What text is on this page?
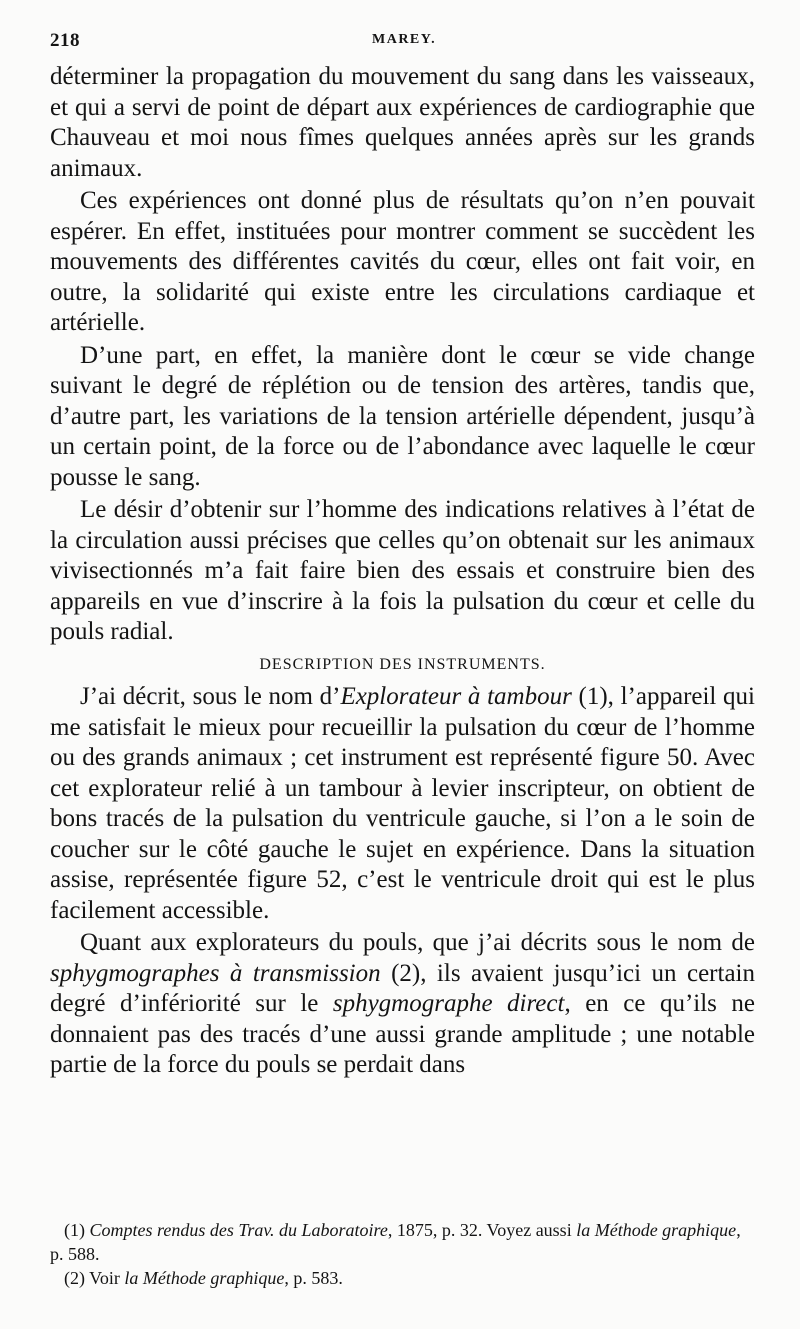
218	MAREY.

déterminer la propagation du mouvement du sang dans les vaisseaux, et qui a servi de point de départ aux expériences de cardiographie que Chauveau et moi nous fîmes quelques années après sur les grands animaux.

Ces expériences ont donné plus de résultats qu’on n’en pouvait espérer. En effet, instituées pour montrer comment se succèdent les mouvements des différentes cavités du cœur, elles ont fait voir, en outre, la solidarité qui existe entre les circulations cardiaque et artérielle.

D’une part, en effet, la manière dont le cœur se vide change suivant le degré de réplétion ou de tension des artères, tandis que, d’autre part, les variations de la tension artérielle dépendent, jusqu’à un certain point, de la force ou de l’abondance avec laquelle le cœur pousse le sang.

Le désir d’obtenir sur l’homme des indications relatives à l’état de la circulation aussi précises que celles qu’on obtenait sur les animaux vivisectionnés m’a fait faire bien des essais et construire bien des appareils en vue d’inscrire à la fois la pulsation du cœur et celle du pouls radial.

DESCRIPTION DES INSTRUMENTS.

J’ai décrit, sous le nom d’Explorateur à tambour (1), l’appareil qui me satisfait le mieux pour recueillir la pulsation du cœur de l’homme ou des grands animaux ; cet instrument est représenté figure 50. Avec cet explorateur relié à un tambour à levier inscripteur, on obtient de bons tracés de la pulsation du ventricule gauche, si l’on a le soin de coucher sur le côté gauche le sujet en expérience. Dans la situation assise, représentée figure 52, c’est le ventricule droit qui est le plus facilement accessible.

Quant aux explorateurs du pouls, que j’ai décrits sous le nom de sphygmographes à transmission (2), ils avaient jusqu’ici un certain degré d’infériorité sur le sphygmographe direct, en ce qu’ils ne donnaient pas des tracés d’une aussi grande amplitude ; une notable partie de la force du pouls se perdait dans

(1) Comptes rendus des Trav. du Laboratoire, 1875, p. 32. Voyez aussi la Méthode graphique, p. 588.

(2) Voir la Méthode graphique, p. 583.
